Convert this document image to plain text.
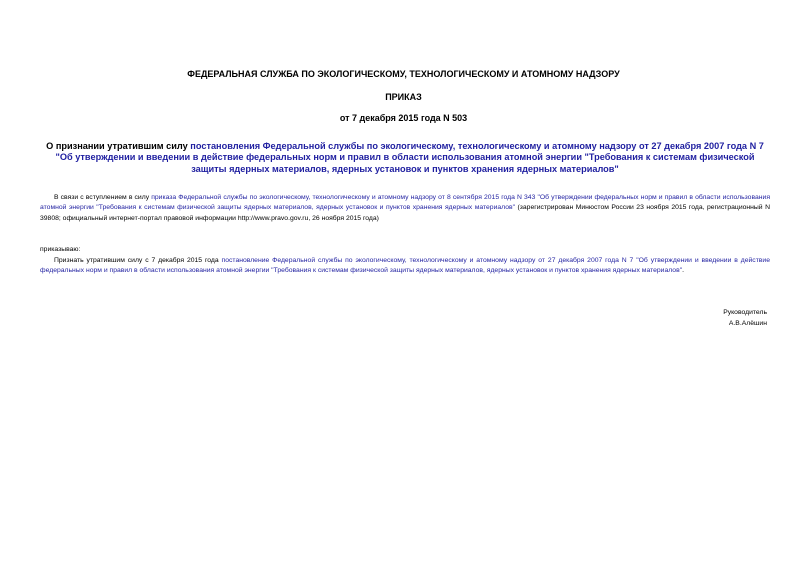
ФЕДЕРАЛЬНАЯ СЛУЖБА ПО ЭКОЛОГИЧЕСКОМУ, ТЕХНОЛОГИЧЕСКОМУ И АТОМНОМУ НАДЗОРУ
ПРИКАЗ
от 7 декабря 2015 года N 503
О признании утратившим силу постановления Федеральной службы по экологическому, технологическому и атомному надзору от 27 декабря 2007 года N 7 "Об утверждении и введении в действие федеральных норм и правил в области использования атомной энергии "Требования к системам физической защиты ядерных материалов, ядерных установок и пунктов хранения ядерных материалов"
В связи с вступлением в силу приказа Федеральной службы по экологическому, технологическому и атомному надзору от 8 сентября 2015 года N 343 "Об утверждении федеральных норм и правил в области использования атомной энергии "Требования к системам физической защиты ядерных материалов, ядерных установок и пунктов хранения ядерных материалов" (зарегистрирован Минюстом России 23 ноября 2015 года, регистрационный N 39808; официальный интернет-портал правовой информации http://www.pravo.gov.ru, 26 ноября 2015 года)
приказываю:
Признать утратившим силу с 7 декабря 2015 года постановление Федеральной службы по экологическому, технологическому и атомному надзору от 27 декабря 2007 года N 7 "Об утверждении и введении в действие федеральных норм и правил в области использования атомной энергии "Требования к системам физической защиты ядерных материалов, ядерных установок и пунктов хранения ядерных материалов".
Руководитель
А.В.Алёшин
